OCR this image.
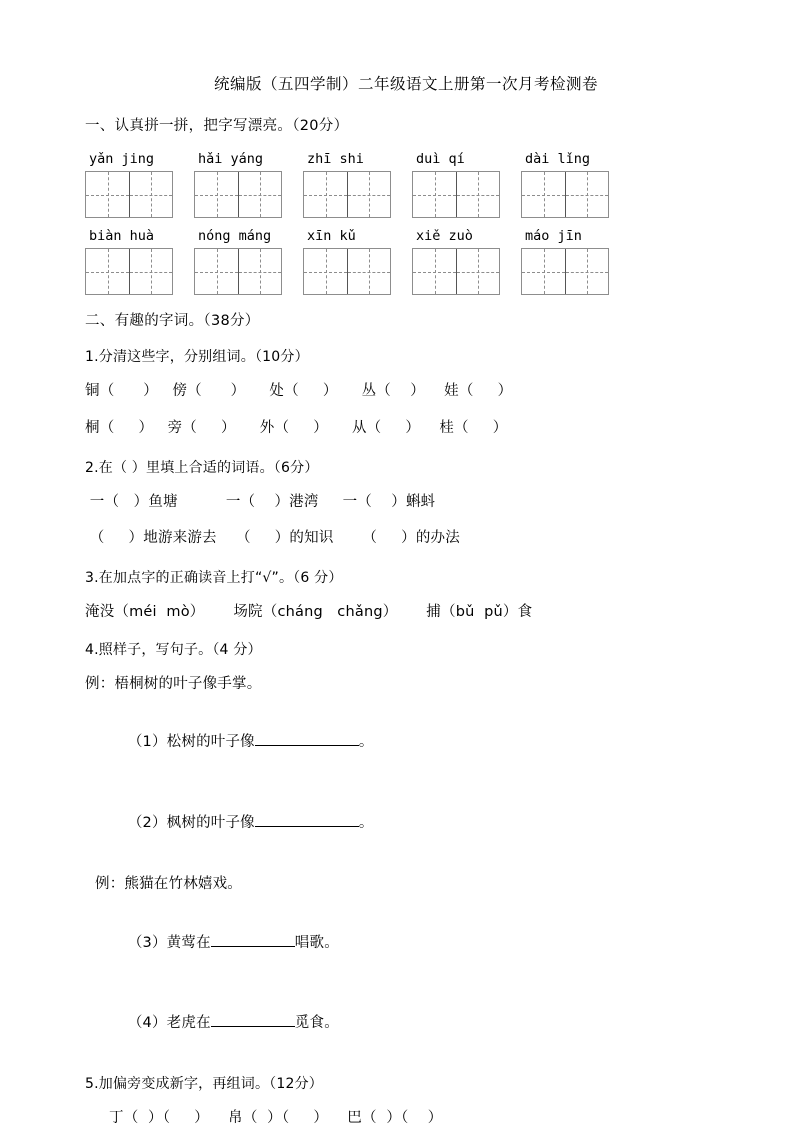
统编版（五四学制）二年级语文上册第一次月考检测卷
一、认真拼一拼，把字写漂亮。（20分）
yǎn jing	hǎi yáng	zhī shi	duì qí	dài lǐng
biàn huà	nóng máng	xīn kǔ	xiě zuò	máo jīn
二、有趣的字词。（38分）
1.分清这些字，分别组词。（10分）
铜（      ）   傍（      ）     处（     ）     丛（    ）    娃（     ）
桐（     ）   旁（     ）     外（     ）     从（     ）    桂（     ）
2.在（ ）里填上合适的词语。（6分）
一（   ）鱼塘          一（    ）港湾     一（    ）蝌蚪
（     ）地游来游去    （     ）的知识      （     ）的办法
3.在加点字的正确读音上打“√”。（6 分）
淹没（méi  mò）      场院（cháng   chǎng）      捕（bǔ  pǔ）食
4.照样子，写句子。（4 分）
例：梧桐树的叶子像手掌。

（1）松树的叶子像	。

（2）枫树的叶子像	。

例：熊猫在竹林嬉戏。

（3）黄莺在	唱歌。

（4）老虎在	觅食。

5.加偏旁变成新字，再组词。（12分）
丁（  ）（     ）    帛（  ）（     ）    巴（  ）（    ）
